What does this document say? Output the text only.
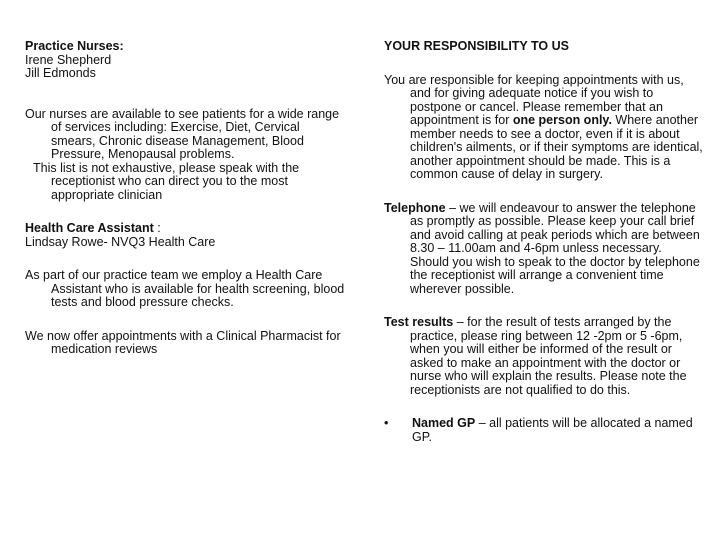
Practice Nurses:

Irene Shepherd

Jill Edmonds

Our nurses are available to see patients for a wide range of services including: Exercise, Diet, Cervical smears, Chronic disease Management, Blood Pressure, Menopausal problems.

This list is not exhaustive, please speak with the receptionist who can direct you to the most appropriate clinician

Health Care Assistant :

Lindsay Rowe- NVQ3 Health Care

As part of our practice team we employ a Health Care Assistant who is available for health screening, blood tests and blood pressure checks.

We now offer appointments with a Clinical Pharmacist for medication reviews

YOUR RESPONSIBILITY TO US

You are responsible for keeping appointments with us, and for giving adequate notice if you wish to postpone or cancel. Please remember that an appointment is for one person only. Where another member needs to see a doctor, even if it is about children's ailments, or if their symptoms are identical, another appointment should be made. This is a common cause of delay in surgery.

Telephone – we will endeavour to answer the telephone as promptly as possible. Please keep your call brief and avoid calling at peak periods which are between 8.30 – 11.00am and 4-6pm unless necessary. Should you wish to speak to the doctor by telephone the receptionist will arrange a convenient time wherever possible.

Test results – for the result of tests arranged by the practice, please ring between 12 -2pm or 5 -6pm, when you will either be informed of the result or asked to make an appointment with the doctor or nurse who will explain the results. Please note the receptionists are not qualified to do this.

•	Named GP – all patients will be allocated a named GP.
